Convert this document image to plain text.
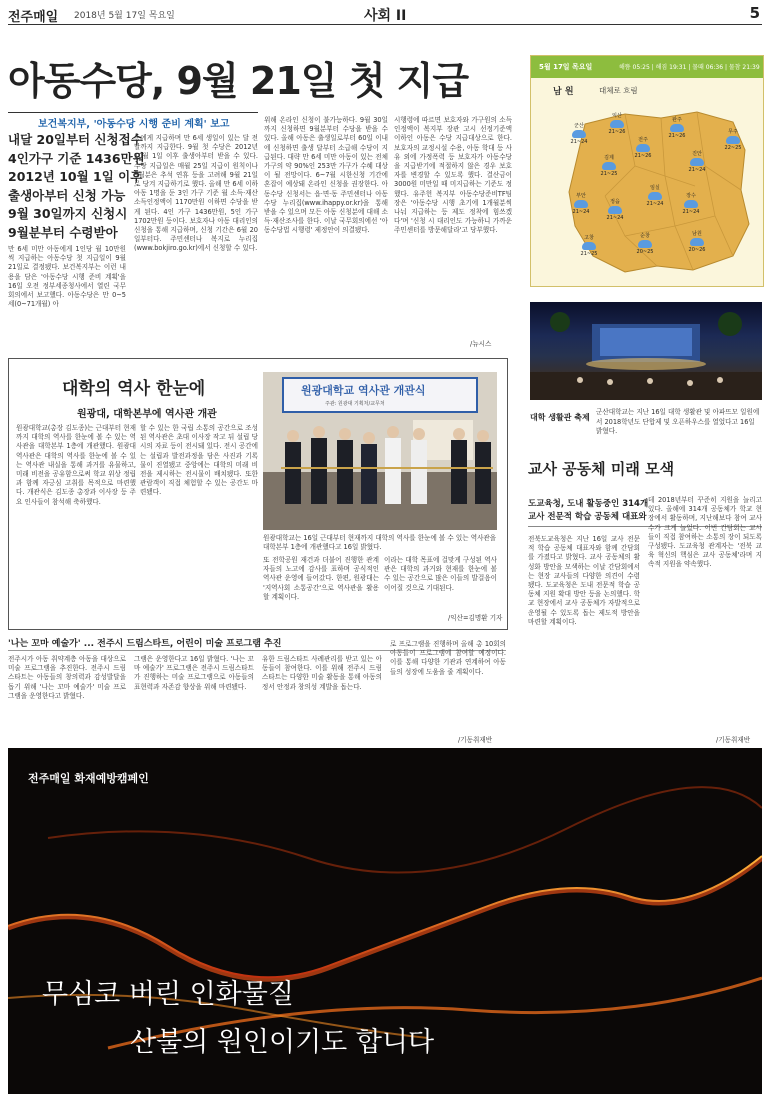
전주매일 2018년 5월 17일 목요일	사회 II	5
아동수당, 9월 21일 첫 지급
보건복지부, '아동수당 시행 준비 계획' 보고
내달 20일부터 신청접수
4인가구 기준 1436만원
2012년 10월 1일 이후
출생아부터 신청 가능
9월 30일까지 신청시
9월분부터 수령받아
만 6세 미만 아동에게 1인당 월 10만원씩 지급하는 아동수당 첫 지급일이 9월 21일로 결정됐다. 보건복지부는 이런 내용을 담은 '아동수당 시행 준비 계획'을 16일 오전 정부세종청사에서 열린 국무회의에서 보고했다. 아동수당은 만 0~5세(0~71개월) 아
동에게 지급하며 만 6세 생일이 있는 달 전달까지 지급한다. 9월 첫 수당은 2012년 10월 1일 이후 출생아부터 받을 수 있다. 수당 지급일은 매월 25일 지급이 원칙이나 9월분은 추석 연휴 등을 고려해 9월 21일로 당겨 지급하기로 했다. 올해 만 6세 이하 아동 1명을 둔 3인 가구 기준 월 소득·재산 소득인정액이 1170만원 이하면 수당을 받게 된다. 4인 가구 1436만원, 5인 가구 1702만원 등이다. 보호자나 아동 대리인의 신청을 통해 지급하며, 신청 기간은 6월 20일부터다. 주민센터나 복지로 누리집(www.bokjiro.go.kr)에서 신청할 수 있다.
위해 온라인 신청이 불가능하다. 9월 30일까지 신청하면 9월분부터 수당을 받을 수 있다. 올해 아동은 출생일로부터 60일 이내에 신청하면 출생 달부터 소급해 수당이 지급된다. 대략 만 6세 미만 아동이 있는 전체 가구의 약 90%인 253만 가구가 수혜 대상이 될 전망이다. 6~7월 시한신청 기간에 혼잡이 예상돼 온라인 신청을 권장한다. 아동수당 신청서는 읍·면·동 주민센터나 아동수당 누리집(www.ihappy.or.kr)을 통해 받을 수 있으며 모든 아동 신청분에 대해 소득·재산조사를 한다. 이날 국무회의에선 '아동수당법 시행령' 제정안이 의결됐다.
시행령에 따르면 보호자와 가구원의 소득인정액이 복지부 장관 고시 선정기준액 이하인 아동은 수당 지급대상으로 한다. 보호자의 교정시설 수용, 아동 학대 등 사유 외에 가정폭력 등 보호자가 아동수당을 지급받기에 적절하지 않은 경우 보호자를 변경할 수 있도록 했다. 결산금이 3000원 미만일 때 미지급하는 기준도 정했다. 유주헌 복지부 아동수당준비TF팀장은 '아동수당 시행 초기에 1개월분씩 나눠 지급하는 등 제도 정착에 힘쓰겠다'며 '신청 시 대리인도 가능하니 가까운 주민센터를 방문해달라'고 당부했다.
/뉴시스
5월 17일 목요일	해뜸 05:25 | 해짐 19:31 | 물때 06:36 | 물참 21:39
남 원	대체로 흐림
군산
21~24
익산
21~26
전주
21~26
완주
21~26
진안
21~24
무주
22~25
김제
21~25
부안
21~24
정읍
21~24
임실
21~24
장수
21~24
고창
21~25
순창
20~25
남원
20~26
대학 생활관 축제
군산대학교는 지난 16일 대학 생활관 및 아파뜨모 일원에서 2018학년도 단합제 및 오픈하우스를 열었다고 16일 밝혔다.
대학의 역사 한눈에
원광대, 대학본부에 역사관 개관
원광대학교(총장 김도종)는 근대부터 현재까지 대학의 역사를 한눈에 볼 수 있는 역사관을 대학본부 1층에 개관했다. 원광대 역사관은 대학의 역사를 한눈에 볼 수 있는 역사관 내실을 통해 과거를 유물하고, 미래 비전을 공유함으로써 학교 위상 정립과 함께 자긍심 고취를 목적으로 마련했다. 개관식은 김도종 총장과 이사장 등 주요 인사들이 참석해 축하했다.
할 수 있는 한 국립 소통의 공간으로 조성된 역사관은 초대 이사장 작고 뒤 설립 당시의 자료 등이 전시돼 있다. 전시 공간에는 설립과 발전과정을 담은 사진과 기록물이 진열됐고 중앙에는 대학의 미래 비전을 제시하는 전시물이 배치됐다. 또한 관람객이 직접 체험할 수 있는 공간도 마련됐다.
원광대학교 역사관 개관식
주관: 원광대 기획처/교무처
원광대학교는 16일 근대부터 현재까지 대학의 역사를 한눈에 볼 수 있는 역사관을 대학본부 1층에 개관했다고 16일 밝혔다.
또 전학공원 재건과 더불어 진행한 관계자들의 노고에 감사를 표하며 공식적인 역사관 운영에 들어갔다. 한편, 원광대는 '지역사회 소통공간'으로 역사관을 활용할 계획이다.
이라는 대학 목표에 걸맞게 구성된 역사관은 대학의 과거와 현재를 한눈에 볼 수 있는 공간으로 많은 이들의 발걸음이 이어질 것으로 기대된다.
/익산=김명환 기자
'나는 꼬마 예술가' ... 전주시 드림스타트, 어린이 미술 프로그램 추진
전주시가 아동 취약계층 아동을 대상으로 미술 프로그램을 추진한다. 전주시 드림스타트는 아동들의 창의력과 감성발달을 돕기 위해 '나는 꼬마 예술가' 미술 프로그램을 운영한다고 밝혔다.
그램은 운영한다고 16일 밝혔다. '나는 꼬마 예술가' 프로그램은 전주시 드림스타트가 진행하는 미술 프로그램으로 아동들의 표현력과 자존감 향상을 위해 마련됐다.
유한 드림스타트 사례관리를 받고 있는 아동들이 참여한다. 이를 위해 전주시 드림스타트는 다양한 미술 활동을 통해 아동의 정서 안정과 창의성 계발을 돕는다.
로 프로그램을 진행하며 올해 총 10회의 아동들이 프로그램에 참여할 예정이다. 이를 통해 다양한 기관과 연계하여 아동들의 성장에 도움을 줄 계획이다.
/기동취재반
교사 공동체 미래 모색
도교육청, 도내 활동중인 314개
교사 전문적 학습 공동체 대표와
전북도교육청은 지난 16일 교사 전문적 학습 공동체 대표자와 함께 간담회를 가졌다고 밝혔다. 교사 공동체의 활성화 방안을 모색하는 이날 간담회에서는 현장 교사들의 다양한 의견이 수렴됐다. 도교육청은 도내 전문적 학습 공동체 지원 확대 방안 등을 논의했다. 학교 현장에서 교사 공동체가 자발적으로 운영될 수 있도록 돕는 제도적 방안을 마련할 계획이다.
데 2018년부터 꾸준히 지원을 늘리고 있다. 올해에 314개 공동체가 학교 현장에서 활동하며, 지난해보다 참여 교사 수가 크게 늘었다. 이번 간담회는 교사들이 직접 참여하는 소통의 장이 되도록 구성됐다. 도교육청 관계자는 '전북 교육 혁신의 핵심은 교사 공동체'라며 지속적 지원을 약속했다.
/기동취재반
전주매일 화재예방캠페인
무심코 버린 인화물질
산불의 원인이기도 합니다
